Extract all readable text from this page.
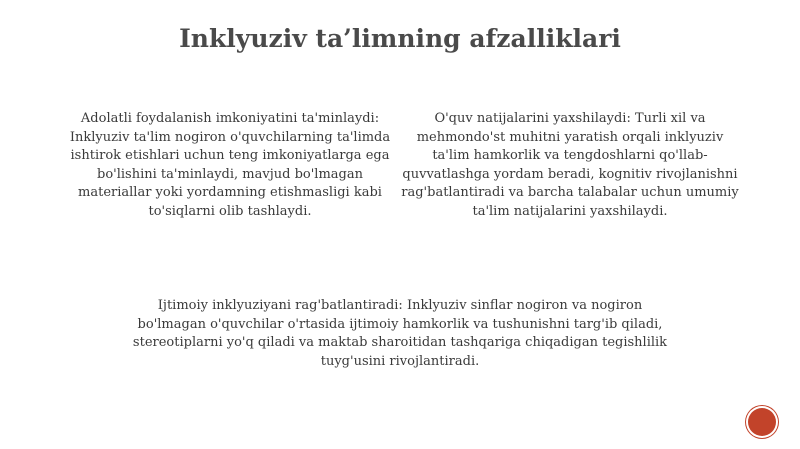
Inklyuziv ta’limning afzalliklari

Adolatli foydalanish imkoniyatini ta'minlaydi: Inklyuziv ta'lim nogiron o'quvchilarning ta'limda ishtirok etishlari uchun teng imkoniyatlarga ega bo'lishini ta'minlaydi, mavjud bo'lmagan materiallar yoki yordamning etishmasligi kabi to'siqlarni olib tashlaydi.

O'quv natijalarini yaxshilaydi: Turli xil va mehmondo'st muhitni yaratish orqali inklyuziv ta'lim hamkorlik va tengdoshlarni qo'llab-quvvatlashga yordam beradi, kognitiv rivojlanishni rag'batlantiradi va barcha talabalar uchun umumiy ta'lim natijalarini yaxshilaydi.

Ijtimoiy inklyuziyani rag'batlantiradi: Inklyuziv sinflar nogiron va nogiron bo'lmagan o'quvchilar o'rtasida ijtimoiy hamkorlik va tushunishni targ'ib qiladi, stereotiplarni yo'q qiladi va maktab sharoitidan tashqariga chiqadigan tegishlilik tuyg'usini rivojlantiradi.
